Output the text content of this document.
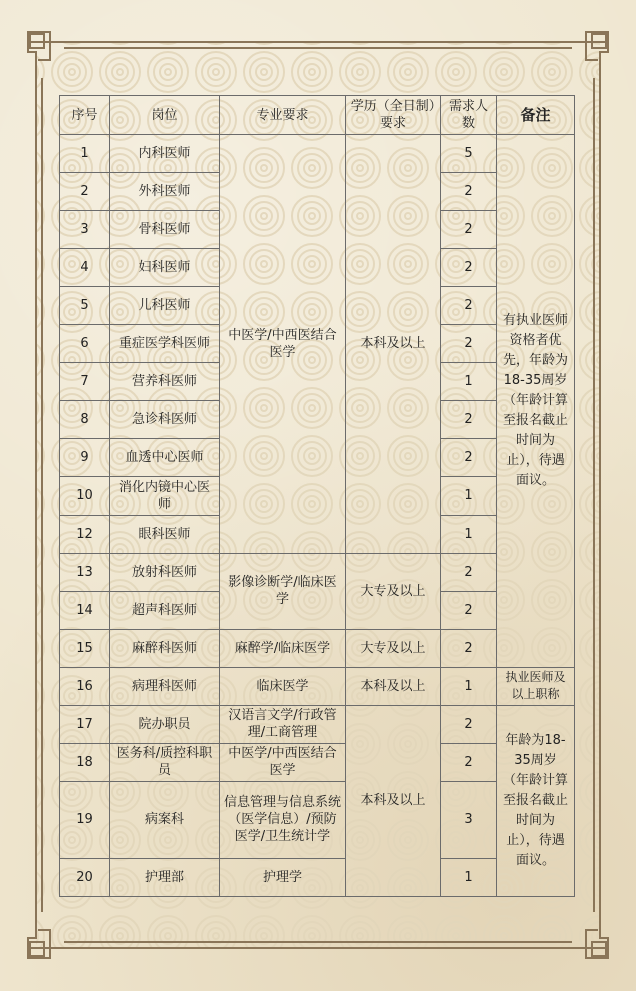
序号	岗位	专业要求	学历（全日制）要求	需求人数	备注
1	内科医师	中医学/中西医结合医学	本科及以上	5	有执业医师资格者优先，年龄为18-35周岁（年龄计算至报名截止时间为止），待遇面议。
2	外科医师			2	
3	骨科医师			2	
4	妇科医师			2	
5	儿科医师			2	
6	重症医学科医师			2	
7	营养科医师			1	
8	急诊科医师			2	
9	血透中心医师			2	
10	消化内镜中心医师			1	
12	眼科医师			1	
13	放射科医师	影像诊断学/临床医学	大专及以上	2	
14	超声科医师			2	
15	麻醉科医师	麻醉学/临床医学	大专及以上	2	
16	病理科医师	临床医学	本科及以上	1	执业医师及以上职称
17	院办职员	汉语言文学/行政管理/工商管理	本科及以上	2	年龄为18-35周岁（年龄计算至报名截止时间为止），待遇面议。
18	医务科/质控科职员	中医学/中西医结合医学		2	
19	病案科	信息管理与信息系统（医学信息）/预防医学/卫生统计学		3	
20	护理部	护理学		1	
